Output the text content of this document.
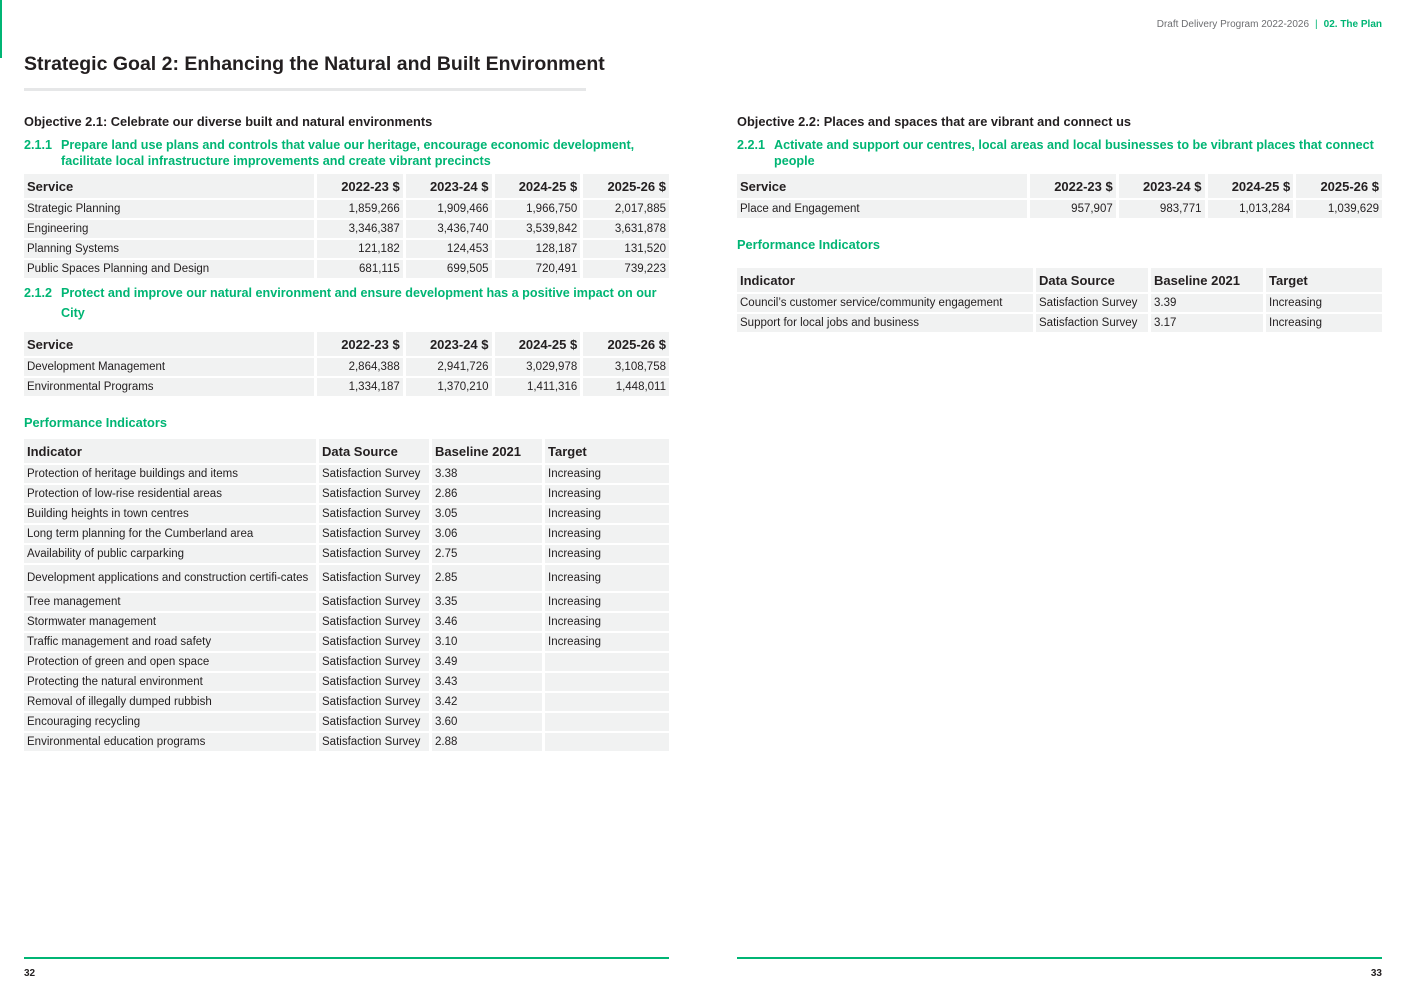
Draft Delivery Program 2022-2026 | 02. The Plan
Strategic Goal 2: Enhancing the Natural and Built Environment

Objective 2.1: Celebrate our diverse built and natural environments

2.1.1 Prepare land use plans and controls that value our heritage, encourage economic development, facilitate local infrastructure improvements and create vibrant precincts
Service	2022-23 $	2023-24 $	2024-25 $	2025-26 $
Strategic Planning	1,859,266	1,909,466	1,966,750	2,017,885
Engineering	3,346,387	3,436,740	3,539,842	3,631,878
Planning Systems	121,182	124,453	128,187	131,520
Public Spaces Planning and Design	681,115	699,505	720,491	739,223
2.1.2 Protect and improve our natural environment and ensure development has a positive impact on our City
Service	2022-23 $	2023-24 $	2024-25 $	2025-26 $
Development Management	2,864,388	2,941,726	3,029,978	3,108,758
Environmental Programs	1,334,187	1,370,210	1,411,316	1,448,011
Performance Indicators
Indicator	Data Source	Baseline 2021	Target
Protection of heritage buildings and items	Satisfaction Survey	3.38	Increasing
Protection of low-rise residential areas	Satisfaction Survey	2.86	Increasing
Building heights in town centres	Satisfaction Survey	3.05	Increasing
Long term planning for the Cumberland area	Satisfaction Survey	3.06	Increasing
Availability of public carparking	Satisfaction Survey	2.75	Increasing
Development applications and construction certifi-cates	Satisfaction Survey	2.85	Increasing
Tree management	Satisfaction Survey	3.35	Increasing
Stormwater management	Satisfaction Survey	3.46	Increasing
Traffic management and road safety	Satisfaction Survey	3.10	Increasing
Protection of green and open space	Satisfaction Survey	3.49	
Protecting the natural environment	Satisfaction Survey	3.43	
Removal of illegally dumped rubbish	Satisfaction Survey	3.42	
Encouraging recycling	Satisfaction Survey	3.60	
Environmental education programs	Satisfaction Survey	2.88	

Objective 2.2: Places and spaces that are vibrant and connect us

2.2.1 Activate and support our centres, local areas and local businesses to be vibrant places that connect people
Service	2022-23 $	2023-24 $	2024-25 $	2025-26 $
Place and Engagement	957,907	983,771	1,013,284	1,039,629
Performance Indicators
Indicator	Data Source	Baseline 2021	Target
Council’s customer service/community engagement	Satisfaction Survey	3.39	Increasing
Support for local jobs and business	Satisfaction Survey	3.17	Increasing
32	33
